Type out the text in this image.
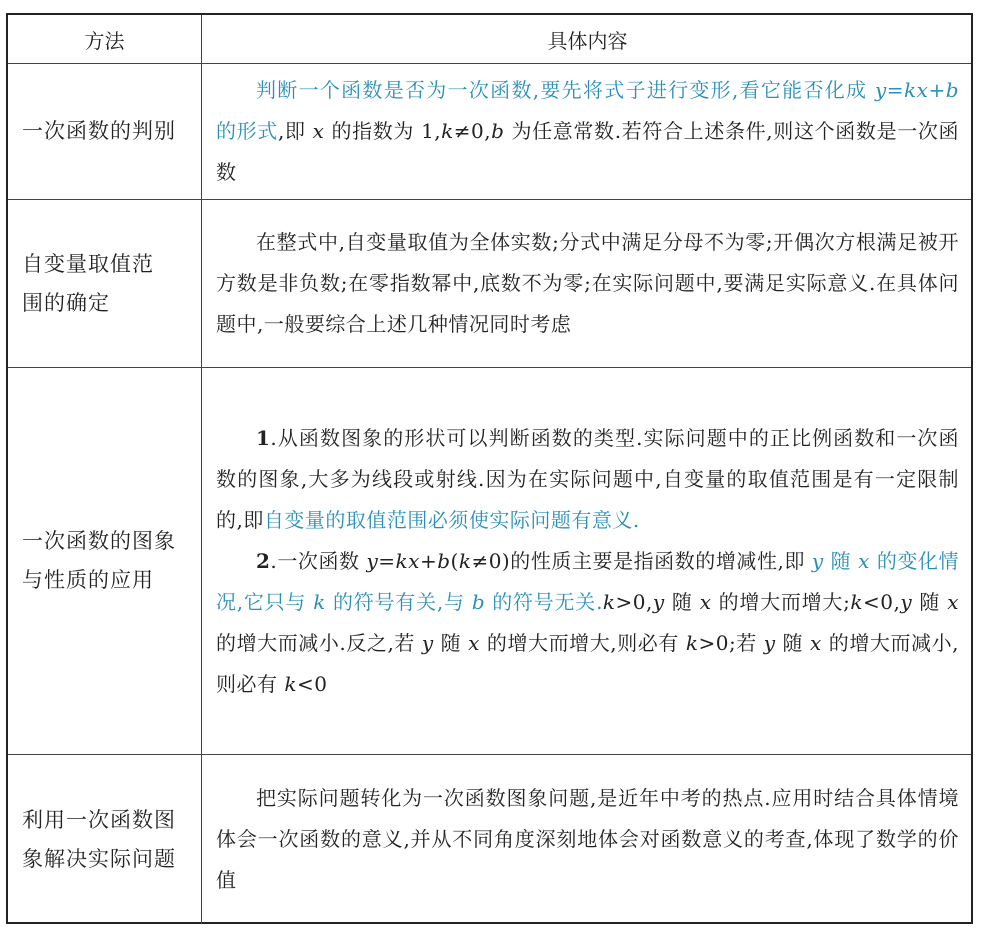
方法	具体内容
一次函数的判别

判断一个函数是否为一次函数,要先将式子进行变形,看它能否化成 y=kx+b 的形式,即 x 的指数为 1,k≠0,b 为任意常数.若符合上述条件,则这个函数是一次函数

自变量取值范
围的确定

在整式中,自变量取值为全体实数;分式中满足分母不为零;开偶次方根满足被开方数是非负数;在零指数幂中,底数不为零;在实际问题中,要满足实际意义.在具体问题中,一般要综合上述几种情况同时考虑

一次函数的图象
与性质的应用

1.从函数图象的形状可以判断函数的类型.实际问题中的正比例函数和一次函数的图象,大多为线段或射线.因为在实际问题中,自变量的取值范围是有一定限制的,即自变量的取值范围必须使实际问题有意义.

2.一次函数 y=kx+b(k≠0)的性质主要是指函数的增减性,即 y 随 x 的变化情况,它只与 k 的符号有关,与 b 的符号无关.k>0,y 随 x 的增大而增大;k<0,y 随 x 的增大而减小.反之,若 y 随 x 的增大而增大,则必有 k>0;若 y 随 x 的增大而减小,则必有 k<0

利用一次函数图
象解决实际问题

把实际问题转化为一次函数图象问题,是近年中考的热点.应用时结合具体情境体会一次函数的意义,并从不同角度深刻地体会对函数意义的考查,体现了数学的价值
